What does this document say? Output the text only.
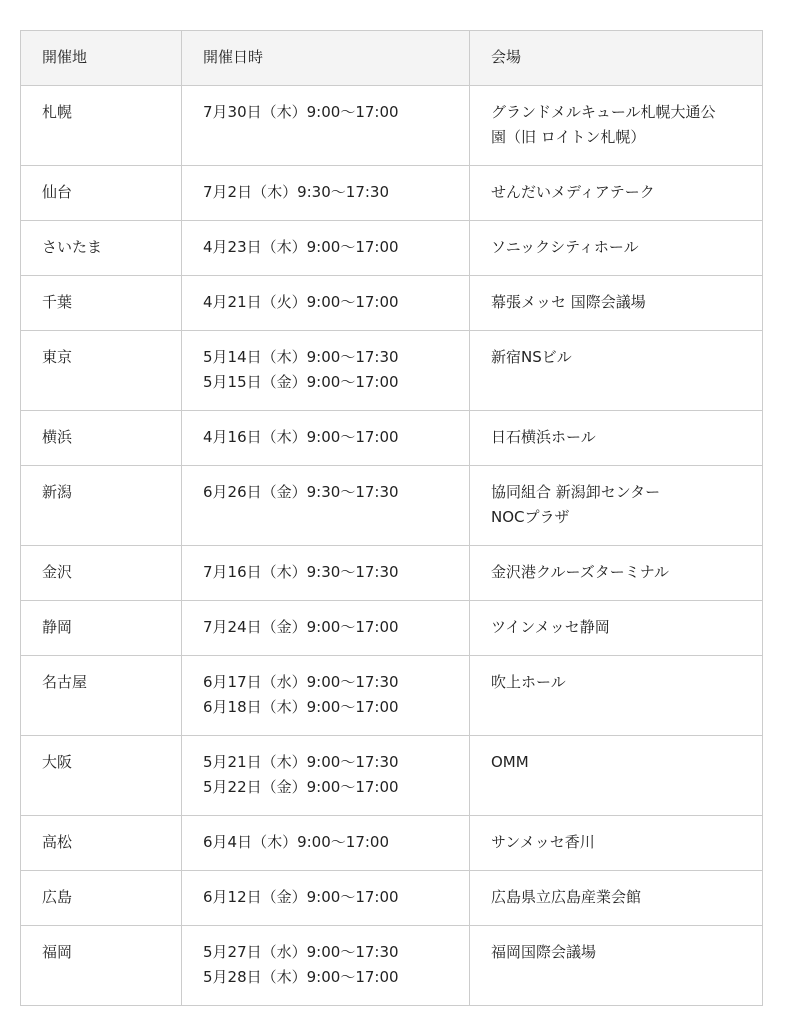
開催地	開催日時	会場
札幌	7月30日（木）9:00〜17:00	グランドメルキュール札幌大通公
園（旧 ロイトン札幌）

仙台	7月2日（木）9:30〜17:30	せんだいメディアテーク

さいたま	4月23日（木）9:00〜17:00	ソニックシティホール

千葉	4月21日（火）9:00〜17:00	幕張メッセ 国際会議場

東京	5月14日（木）9:00〜17:30
5月15日（金）9:00〜17:00	新宿NSビル

横浜	4月16日（木）9:00〜17:00	日石横浜ホール

新潟	6月26日（金）9:30〜17:30	協同組合 新潟卸センター
NOCプラザ

金沢	7月16日（木）9:30〜17:30	金沢港クルーズターミナル

静岡	7月24日（金）9:00〜17:00	ツインメッセ静岡

名古屋	6月17日（水）9:00〜17:30
6月18日（木）9:00〜17:00	吹上ホール

大阪	5月21日（木）9:00〜17:30
5月22日（金）9:00〜17:00	OMM

高松	6月4日（木）9:00〜17:00	サンメッセ香川

広島	6月12日（金）9:00〜17:00	広島県立広島産業会館

福岡	5月27日（水）9:00〜17:30
5月28日（木）9:00〜17:00	福岡国際会議場
